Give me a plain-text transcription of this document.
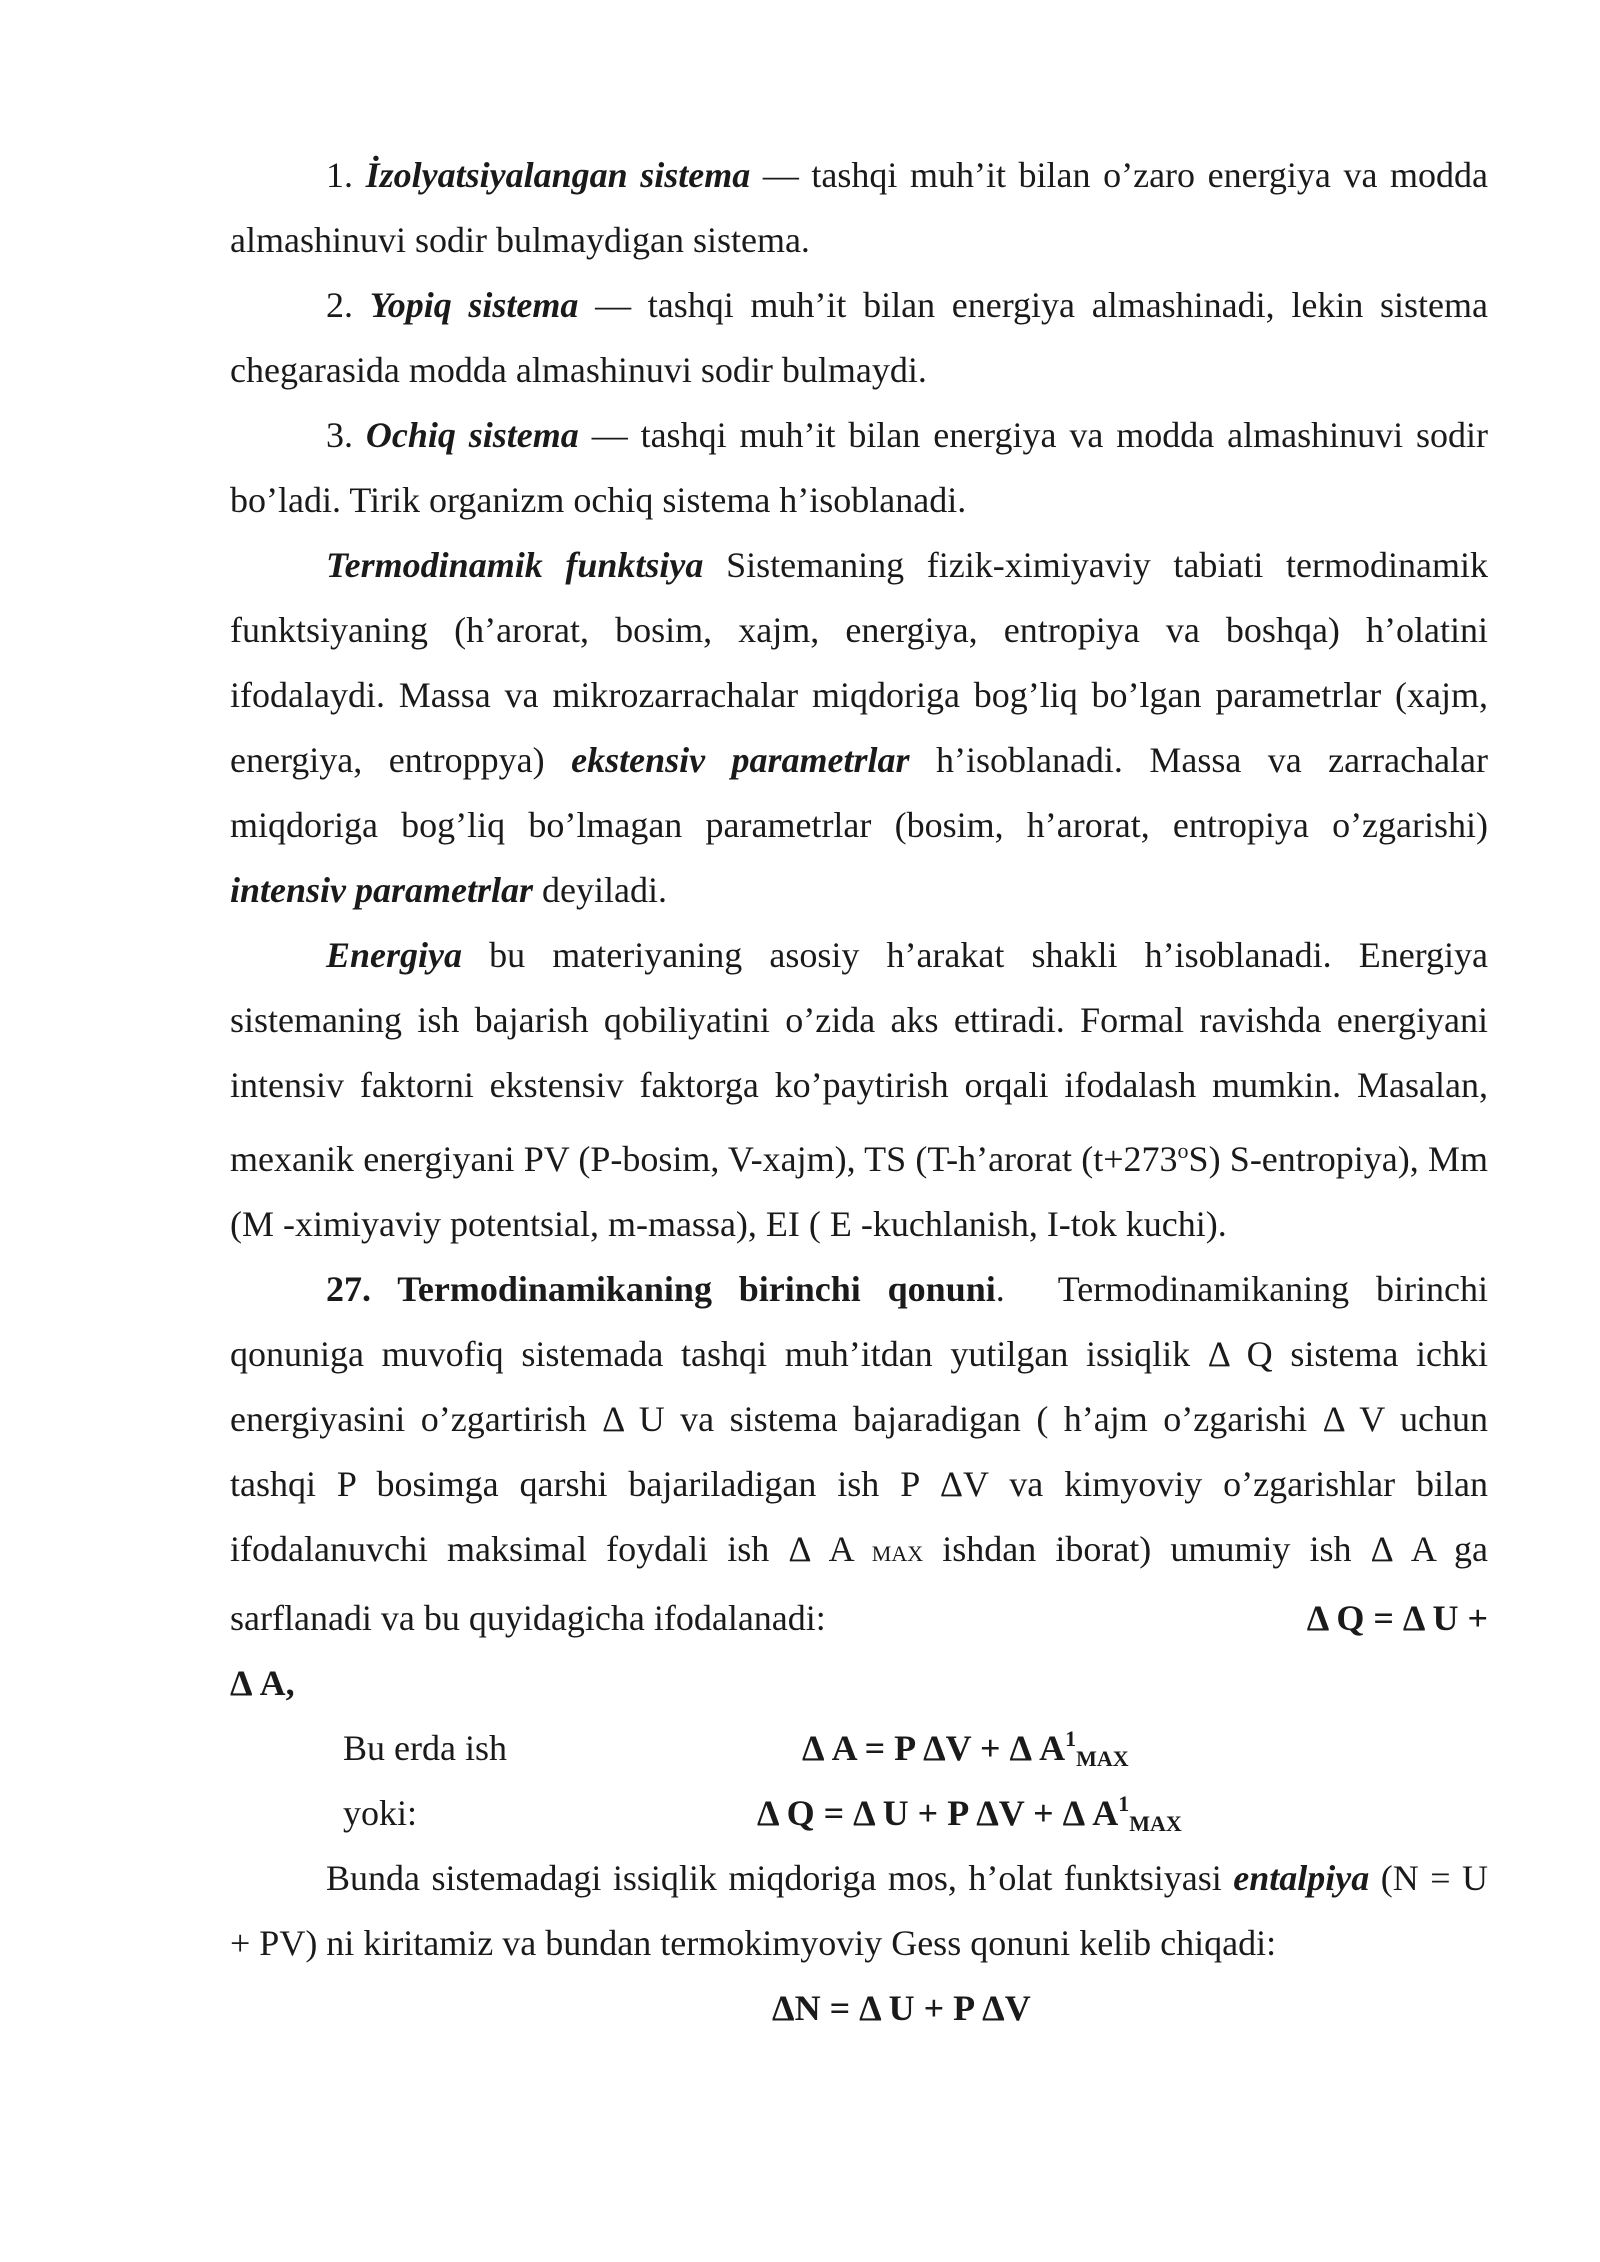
1. İzolyatsiyalangan sistema — tashqi muh’it bilan o’zaro energiya va modda almashinuvi sodir bulmaydigan sistema.

2. Yopiq sistema — tashqi muh’it bilan energiya almashinadi, lekin sistema chegarasida modda almashinuvi sodir bulmaydi.

3. Ochiq sistema — tashqi muh’it bilan energiya va modda almashinuvi sodir bo’ladi. Tirik organizm ochiq sistema h’isoblanadi.

Termodinamik funktsiya Sistemaning fizik-ximiyaviy tabiati termodinamik funktsiyaning (h’arorat, bosim, xajm, energiya, entropiya va boshqa) h’olatini ifodalaydi. Massa va mikrozarrachalar miqdoriga bog’liq bo’lgan parametrlar (xajm, energiya, entroppya) ekstensiv parametrlar h’isoblanadi. Massa va zarrachalar miqdoriga bog’liq bo’lmagan parametrlar (bosim, h’arorat, entropiya o’zgarishi) intensiv parametrlar deyiladi.

Energiya bu materiyaning asosiy h’arakat shakli h’isoblanadi. Energiya sistemaning ish bajarish qobiliyatini o’zida aks ettiradi. Formal ravishda energiyani intensiv faktorni ekstensiv faktorga ko’paytirish orqali ifodalash mumkin. Masalan, mexanik energiyani PV (P-bosim, V-xajm), TS (T-h’arorat $(t+273^oS)$ S-entropiya), Mm (M -ximiyaviy potentsial, m-massa), EI ( E -kuchlanish, I-tok kuchi).

27. Termodinamikaning birinchi qonuni. Termodinamikaning birinchi qonuniga muvofiq sistemada tashqi muh’itdan yutilgan issiqlik Δ Q sistema ichki energiyasini o’zgartirish Δ U va sistema bajaradigan ( h’ajm o’zgarishi Δ V uchun tashqi P bosimga qarshi bajariladigan ish P ΔV va kimyoviy o’zgarishlar bilan ifodalanuvchi maksimal foydali ish Δ A MAX ishdan iborat) umumiy ish Δ A ga sarflanadi va bu quyidagicha ifodalanadi:	Δ Q = Δ U +

Δ A,
Bu erda ish	Δ A = P ΔV + Δ $A^1MAX$
yoki:	Δ Q = Δ U + P ΔV + Δ $A^1MAX$

Bunda sistemadagi issiqlik miqdoriga mos, h’olat funktsiyasi entalpiya (N = U + PV) ni kiritamiz va bundan termokimyoviy Gess qonuni kelib chiqadi:

ΔN = Δ U + P ΔV
